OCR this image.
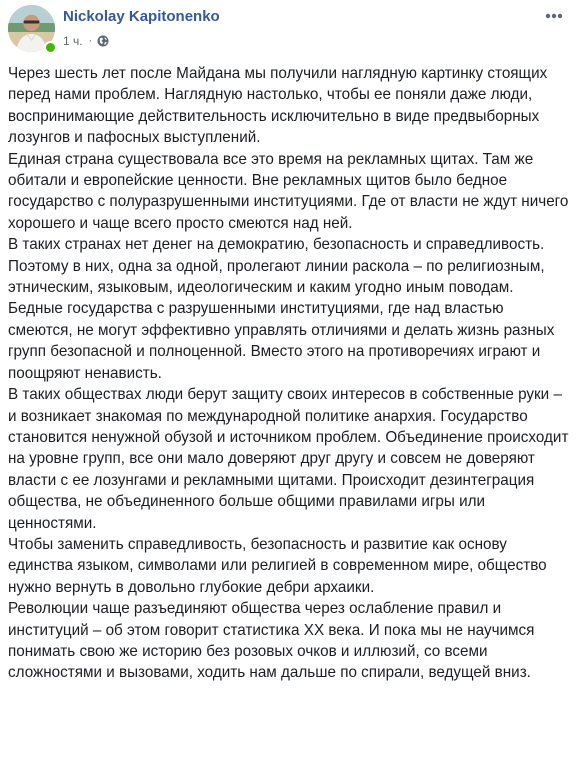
Nickolay Kapitonenko
1 ч. ·

Через шесть лет после Майдана мы получили наглядную картинку стоящих перед нами проблем. Наглядную настолько, чтобы ее поняли даже люди, воспринимающие действительность исключительно в виде предвыборных лозунгов и пафосных выступлений.

Единая страна существовала все это время на рекламных щитах. Там же обитали и европейские ценности. Вне рекламных щитов было бедное государство с полуразрушенными институциями. Где от власти не ждут ничего хорошего и чаще всего просто смеются над ней.

В таких странах нет денег на демократию, безопасность и справедливость. Поэтому в них, одна за одной, пролегают линии раскола – по религиозным, этническим, языковым, идеологическим и каким угодно иным поводам. Бедные государства с разрушенными институциями, где над властью смеются, не могут эффективно управлять отличиями и делать жизнь разных групп безопасной и полноценной. Вместо этого на противоречиях играют и поощряют ненависть.

В таких обществах люди берут защиту своих интересов в собственные руки – и возникает знакомая по международной политике анархия. Государство становится ненужной обузой и источником проблем. Объединение происходит на уровне групп, все они мало доверяют друг другу и совсем не доверяют власти с ее лозунгами и рекламными щитами. Происходит дезинтеграция общества, не объединенного больше общими правилами игры или ценностями.

Чтобы заменить справедливость, безопасность и развитие как основу единства языком, символами или религией в современном мире, общество нужно вернуть в довольно глубокие дебри архаики.

Революции чаще разъединяют общества через ослабление правил и институций – об этом говорит статистика XX века. И пока мы не научимся понимать свою же историю без розовых очков и иллюзий, со всеми сложностями и вызовами, ходить нам дальше по спирали, ведущей вниз.
